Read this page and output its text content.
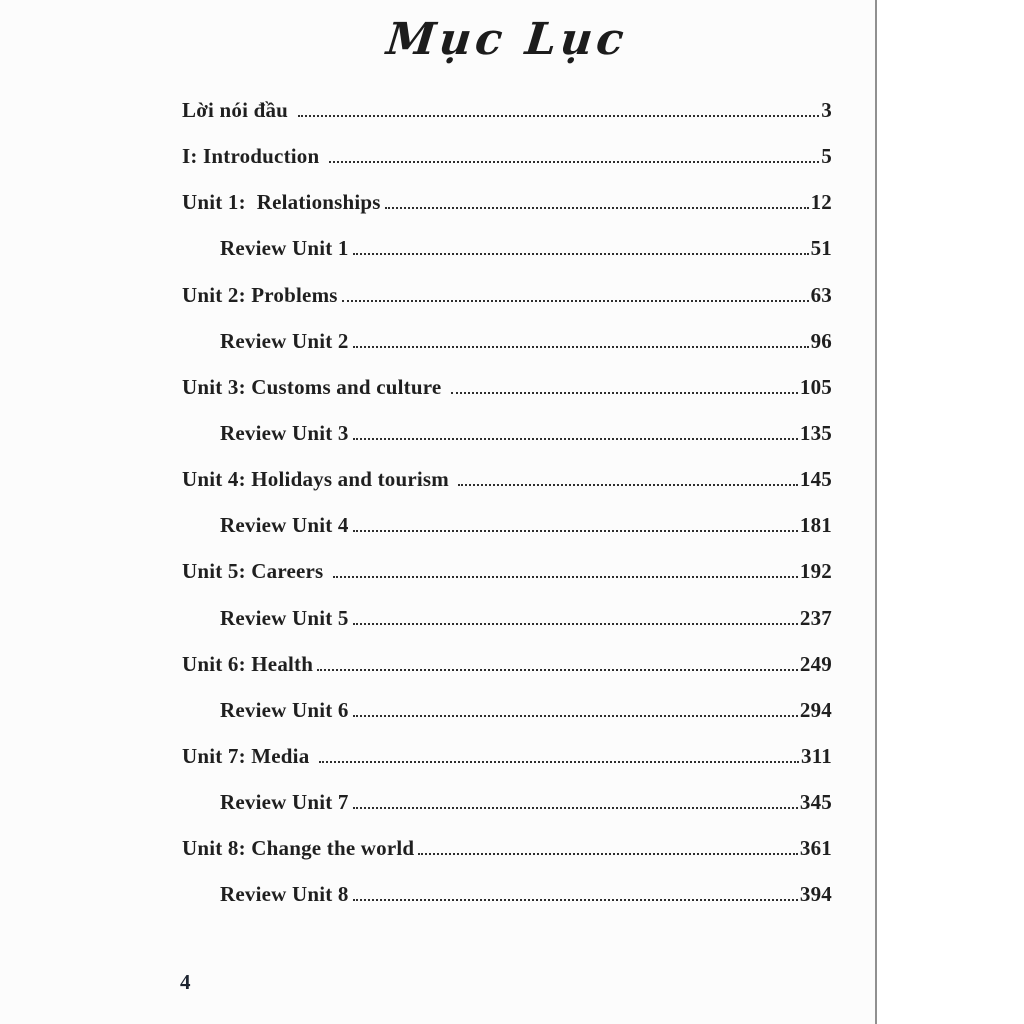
Mục Lục
Lời nói đầu	3
I: Introduction	5
Unit 1:  Relationships	12
Review Unit 1	51
Unit 2: Problems	63
Review Unit 2	96
Unit 3: Customs and culture	105
Review Unit 3	135
Unit 4: Holidays and tourism	145
Review Unit 4	181
Unit 5: Careers	192
Review Unit 5	237
Unit 6: Health	249
Review Unit 6	294
Unit 7: Media	311
Review Unit 7	345
Unit 8: Change the world	361
Review Unit 8	394
4
